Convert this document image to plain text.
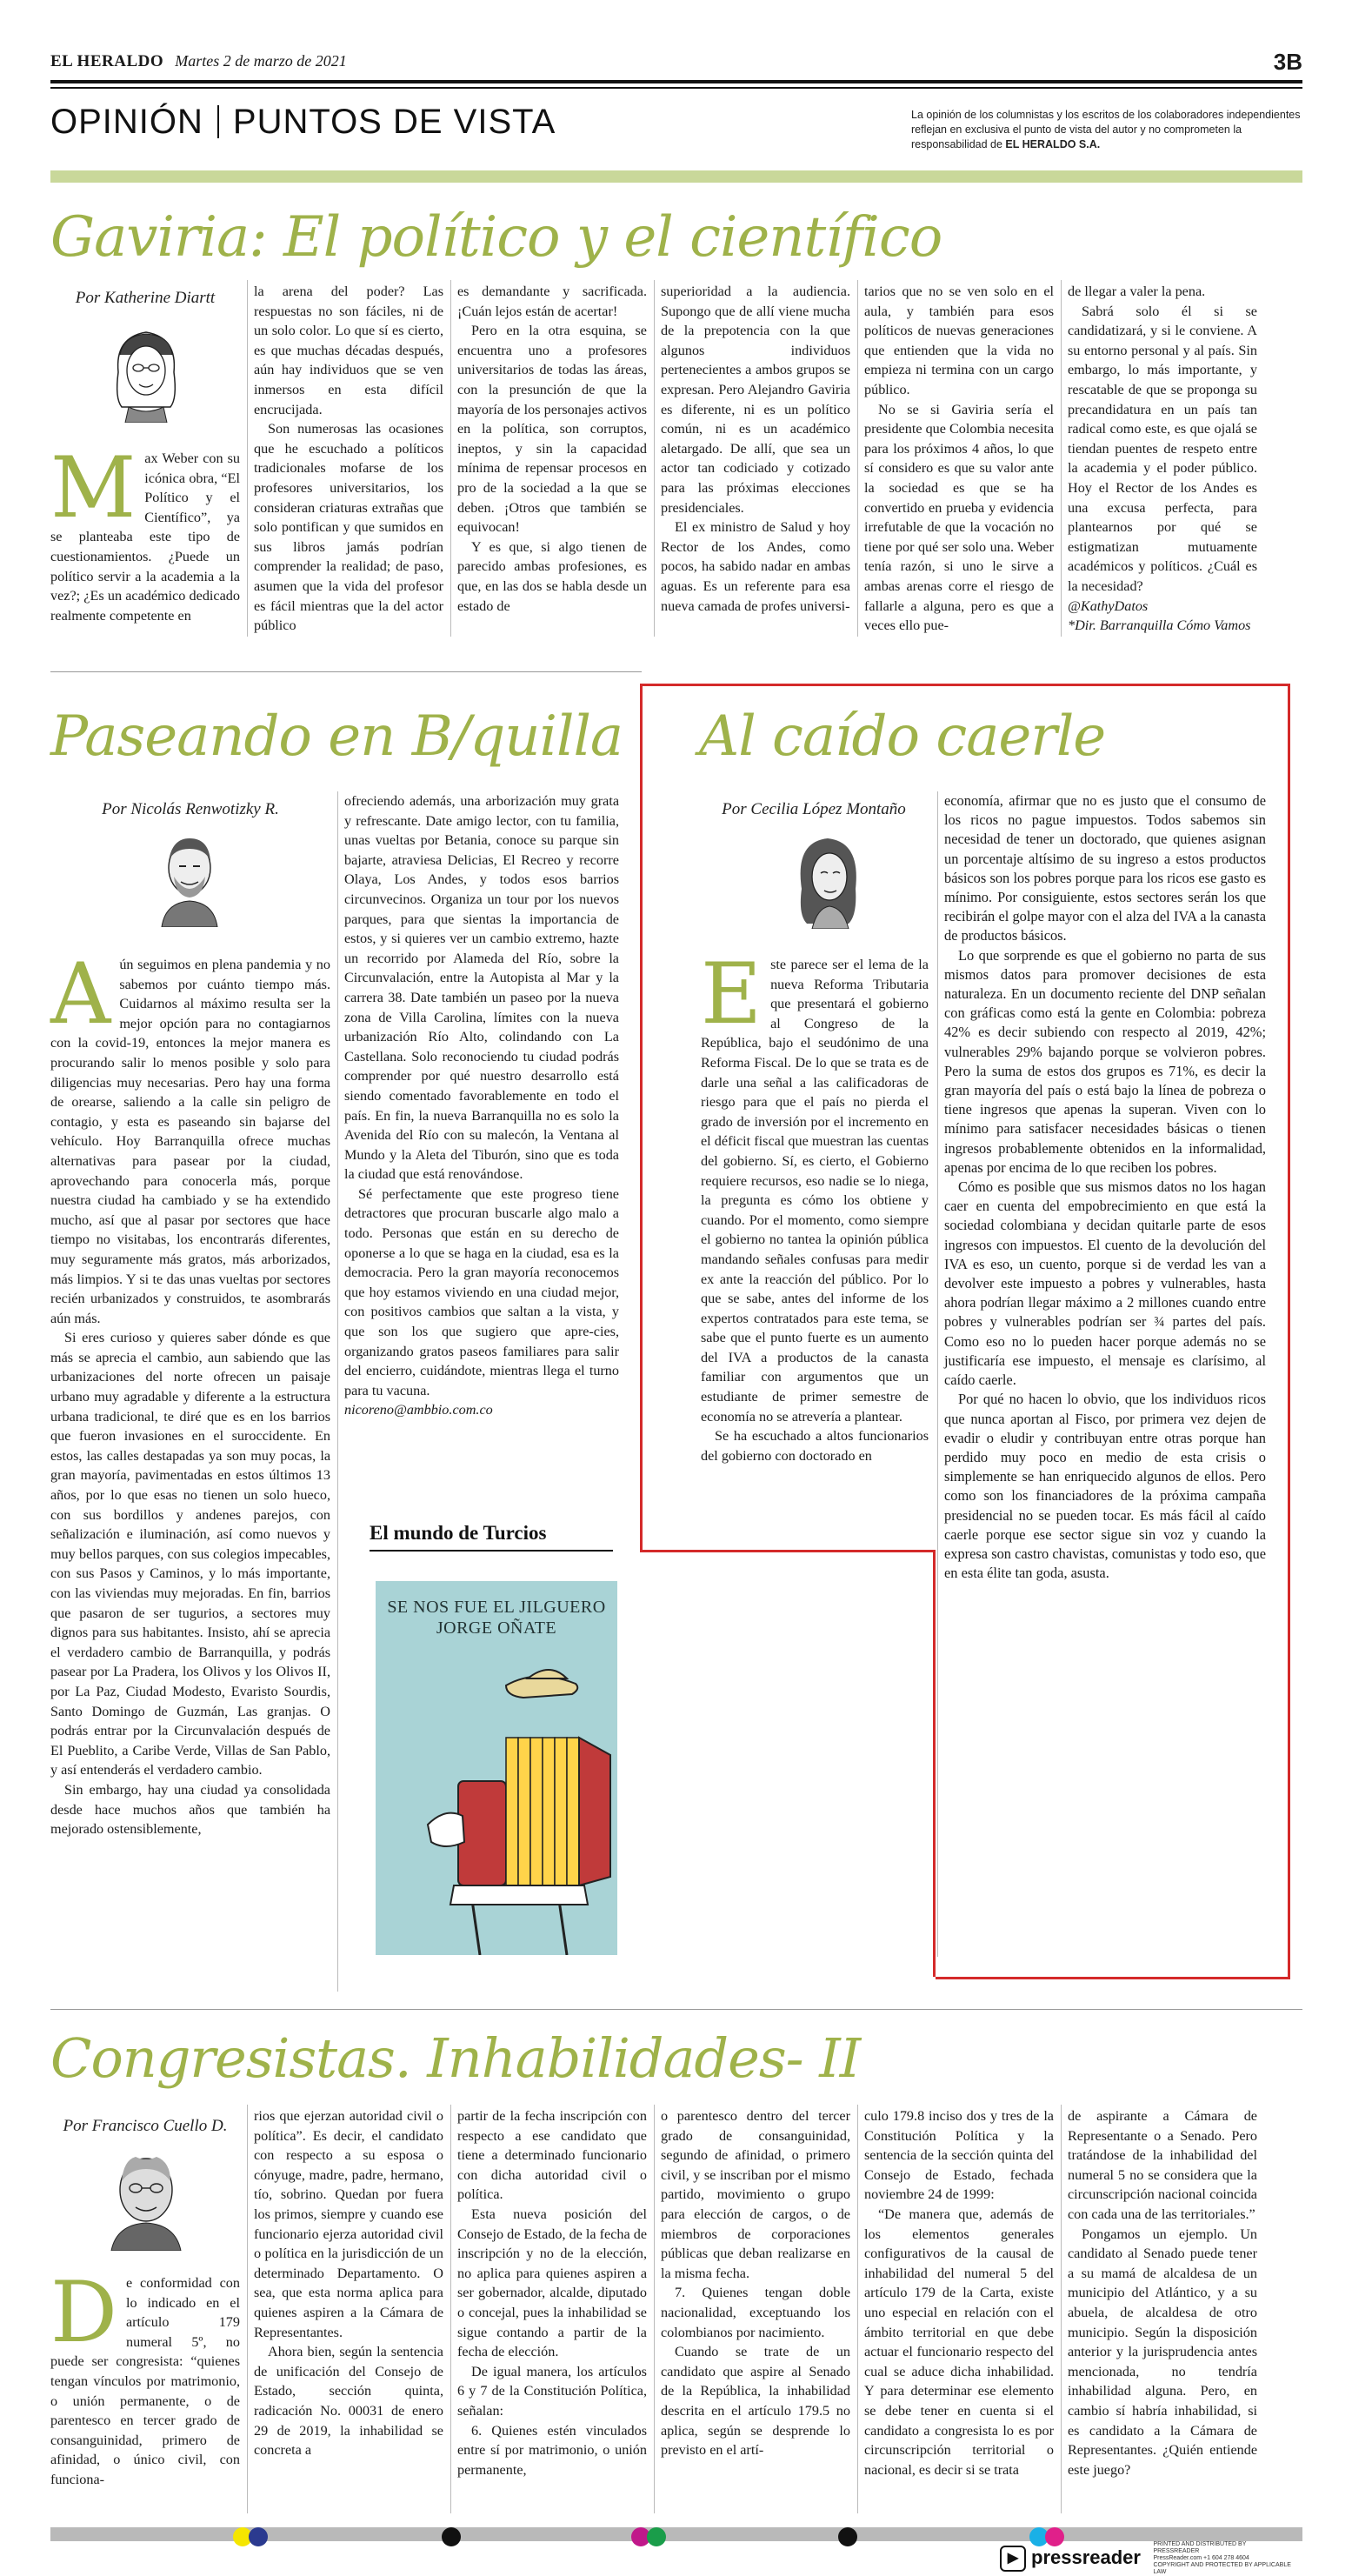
EL HERALDO Martes 2 de marzo de 2021	3B
OPINIÓN PUNTOS DE VISTA	La opinión de los columnistas y los escritos de los colaboradores independientes reflejan en exclusiva el punto de vista del autor y no comprometen la responsabilidad de EL HERALDO S.A.
Gaviria: El político y el científico
Por Katherine Diartt

Max Weber con su icónica obra, “El Político y el Científico”, ya se planteaba este tipo de cuestionamientos. ¿Puede un político servir a la academia a la vez?; ¿Es un académico dedicado realmente competente en

la arena del poder? Las respuestas no son fáciles, ni de un solo color. Lo que sí es cierto, es que muchas décadas después, aún hay individuos que se ven inmersos en esta difícil encrucijada.

Son numerosas las ocasiones que he escuchado a políticos tradicionales mofarse de los profesores universitarios, los consideran criaturas extrañas que solo pontifican y que sumidos en sus libros jamás podrían comprender la realidad; de paso, asumen que la vida del profesor es fácil mientras que la del actor público

es demandante y sacrificada. ¡Cuán lejos están de acertar!

Pero en la otra esquina, se encuentra uno a profesores universitarios de todas las áreas, con la presunción de que la mayoría de los personajes activos en la política, son corruptos, ineptos, y sin la capacidad mínima de repensar procesos en pro de la sociedad a la que se deben. ¡Otros que también se equivocan!

Y es que, si algo tienen de parecido ambas profesiones, es que, en las dos se habla desde un estado de

superioridad a la audiencia. Supongo que de allí viene mucha de la prepotencia con la que algunos individuos pertenecientes a ambos grupos se expresan. Pero Alejandro Gaviria es diferente, ni es un político común, ni es un académico aletargado. De allí, que sea un actor tan codiciado y cotizado para las próximas elecciones presidenciales.

El ex ministro de Salud y hoy Rector de los Andes, como pocos, ha sabido nadar en ambas aguas. Es un referente para esa nueva camada de profes universi-

tarios que no se ven solo en el aula, y también para esos políticos de nuevas generaciones que entienden que la vida no empieza ni termina con un cargo público.

No se si Gaviria sería el presidente que Colombia necesita para los próximos 4 años, lo que sí considero es que su valor ante la sociedad es que se ha convertido en prueba y evidencia irrefutable de que la vocación no tiene por qué ser solo una. Weber tenía razón, si uno le sirve a ambas arenas corre el riesgo de fallarle a alguna, pero es que a veces ello pue-

de llegar a valer la pena.

Sabrá solo él si se candidatizará, y si le conviene. A su entorno personal y al país. Sin embargo, lo más importante, y rescatable de que se proponga su precandidatura en un país tan radical como este, es que ojalá se tiendan puentes de respeto entre la academia y el poder público. Hoy el Rector de los Andes es una excusa perfecta, para plantearnos por qué se estigmatizan mutuamente académicos y políticos. ¿Cuál es la necesidad?

@KathyDatos

*Dir. Barranquilla Cómo Vamos

Paseando en B/quilla
Por Nicolás Renwotizky R.

Aún seguimos en plena pandemia y no sabemos por cuánto tiempo más. Cuidarnos al máximo resulta ser la mejor opción para no contagiarnos con la covid-19, entonces la mejor manera es procurando salir lo menos posible y solo para diligencias muy necesarias. Pero hay una forma de orearse, saliendo a la calle sin peligro de contagio, y esta es paseando sin bajarse del vehículo. Hoy Barranquilla ofrece muchas alternativas para pasear por la ciudad, aprovechando para conocerla más, porque nuestra ciudad ha cambiado y se ha extendido mucho, así que al pasar por sectores que hace tiempo no visitabas, los encontrarás diferentes, muy seguramente más gratos, más arborizados, más limpios. Y si te das unas vueltas por sectores recién urbanizados y construidos, te asombrarás aún más.

Si eres curioso y quieres saber dónde es que más se aprecia el cambio, aun sabiendo que las urbanizaciones del norte ofrecen un paisaje urbano muy agradable y diferente a la estructura urbana tradicional, te diré que es en los barrios que fueron invasiones en el suroccidente. En estos, las calles destapadas ya son muy pocas, la gran mayoría, pavimentadas en estos últimos 13 años, por lo que esas no tienen un solo hueco, con sus bordillos y andenes parejos, con señalización e iluminación, así como nuevos y muy bellos parques, con sus colegios impecables, con sus Pasos y Caminos, y lo más importante, con las viviendas muy mejoradas. En fin, barrios que pasaron de ser tugurios, a sectores muy dignos para sus habitantes. Insisto, ahí se aprecia el verdadero cambio de Barranquilla, y podrás pasear por La Pradera, los Olivos y los Olivos II, por La Paz, Ciudad Modesto, Evaristo Sourdis, Santo Domingo de Guzmán, Las granjas. O podrás entrar por la Circunvalación después de El Pueblito, a Caribe Verde, Villas de San Pablo, y así entenderás el verdadero cambio.

Sin embargo, hay una ciudad ya consolidada desde hace muchos años que también ha mejorado ostensiblemente,

ofreciendo además, una arborización muy grata y refrescante. Date amigo lector, con tu familia, unas vueltas por Betania, conoce su parque sin bajarte, atraviesa Delicias, El Recreo y recorre Olaya, Los Andes, y todos esos barrios circunvecinos. Organiza un tour por los nuevos parques, para que sientas la importancia de estos, y si quieres ver un cambio extremo, hazte un recorrido por Alameda del Río, sobre la Circunvalación, entre la Autopista al Mar y la carrera 38. Date también un paseo por la nueva zona de Villa Carolina, límites con la nueva urbanización Río Alto, colindando con La Castellana. Solo reconociendo tu ciudad podrás comprender por qué nuestro desarrollo está siendo comentado favorablemente en todo el país. En fin, la nueva Barranquilla no es solo la Avenida del Río con su malecón, la Ventana al Mundo y la Aleta del Tiburón, sino que es toda la ciudad que está renovándose.

Sé perfectamente que este progreso tiene detractores que procuran buscarle algo malo a todo. Personas que están en su derecho de oponerse a lo que se haga en la ciudad, esa es la democracia. Pero la gran mayoría reconocemos que hoy estamos viviendo en una ciudad mejor, con positivos cambios que saltan a la vista, y que son los que sugiero que apre-cies, organizando gratos paseos familiares para salir del encierro, cuidándote, mientras llega el turno para tu vacuna.

nicoreno@ambbio.com.co

El mundo de Turcios
SE NOS FUE EL JILGUERO
JORGE OÑATE
Al caído caerle
Por Cecilia López Montaño

Este parece ser el lema de la nueva Reforma Tributaria que presentará el gobierno al Congreso de la República, bajo el seudónimo de una Reforma Fiscal. De lo que se trata es de darle una señal a las calificadoras de riesgo para que el país no pierda el grado de inversión por el incremento en el déficit fiscal que muestran las cuentas del gobierno. Sí, es cierto, el Gobierno requiere recursos, eso nadie se lo niega, la pregunta es cómo los obtiene y cuando. Por el momento, como siempre el gobierno no tantea la opinión pública mandando señales confusas para medir ex ante la reacción del público. Por lo que se sabe, antes del informe de los expertos contratados para este tema, se sabe que el punto fuerte es un aumento del IVA a productos de la canasta familiar con argumentos que un estudiante de primer semestre de economía no se atrevería a plantear.

Se ha escuchado a altos funcionarios del gobierno con doctorado en

economía, afirmar que no es justo que el consumo de los ricos no pague impuestos. Todos sabemos sin necesidad de tener un doctorado, que quienes asignan un porcentaje altísimo de su ingreso a estos productos básicos son los pobres porque para los ricos ese gasto es mínimo. Por consiguiente, estos sectores serán los que recibirán el golpe mayor con el alza del IVA a la canasta de productos básicos.

Lo que sorprende es que el gobierno no parta de sus mismos datos para promover decisiones de esta naturaleza. En un documento reciente del DNP señalan con gráficas como está la gente en Colombia: pobreza 42% es decir subiendo con respecto al 2019, 42%; vulnerables 29% bajando porque se volvieron pobres. Pero la suma de estos dos grupos es 71%, es decir la gran mayoría del país o está bajo la línea de pobreza o tiene ingresos que apenas la superan. Viven con lo mínimo para satisfacer necesidades básicas o tienen ingresos probablemente obtenidos en la informalidad, apenas por encima de lo que reciben los pobres.

Cómo es posible que sus mismos datos no los hagan caer en cuenta del empobrecimiento en que está la sociedad colombiana y decidan quitarle parte de esos ingresos con impuestos. El cuento de la devolución del IVA es eso, un cuento, porque si de verdad les van a devolver este impuesto a pobres y vulnerables, hasta ahora podrían llegar máximo a 2 millones cuando entre pobres y vulnerables podrían ser ¾ partes del país. Como eso no lo pueden hacer porque además no se justificaría ese impuesto, el mensaje es clarísimo, al caído caerle.

Por qué no hacen lo obvio, que los individuos ricos que nunca aportan al Fisco, por primera vez dejen de evadir o eludir y contribuyan entre otras porque han perdido muy poco en medio de esta crisis o simplemente se han enriquecido algunos de ellos. Pero como son los financiadores de la próxima campaña presidencial no se pueden tocar. Es más fácil al caído caerle porque ese sector sigue sin voz y cuando la expresa son castro chavistas, comunistas y todo eso, que en esta élite tan goda, asusta.

Congresistas. Inhabilidades- II
Por Francisco Cuello D.

De conformidad con lo indicado en el artículo 179 numeral 5º, no puede ser congresista: “quienes tengan vínculos por matrimonio, o unión permanente, o de parentesco en tercer grado de consanguinidad, primero de afinidad, o único civil, con funciona-

rios que ejerzan autoridad civil o política”. Es decir, el candidato con respecto a su esposa o cónyuge, madre, padre, hermano, tío, sobrino. Quedan por fuera los primos, siempre y cuando ese funcionario ejerza autoridad civil o política en la jurisdicción de un determinado Departamento. O sea, que esta norma aplica para quienes aspiren a la Cámara de Representantes.

Ahora bien, según la sentencia de unificación del Consejo de Estado, sección quinta, radicación No. 00031 de enero 29 de 2019, la inhabilidad se concreta a

partir de la fecha inscripción con respecto a ese candidato que tiene a determinado funcionario con dicha autoridad civil o política.

Esta nueva posición del Consejo de Estado, de la fecha de inscripción y no de la elección, no aplica para quienes aspiren a ser gobernador, alcalde, diputado o concejal, pues la inhabilidad se sigue contando a partir de la fecha de elección.

De igual manera, los artículos 6 y 7 de la Constitución Política, señalan:

6. Quienes estén vinculados entre sí por matrimonio, o unión permanente,

o parentesco dentro del tercer grado de consanguinidad, segundo de afinidad, o primero civil, y se inscriban por el mismo partido, movimiento o grupo para elección de cargos, o de miembros de corporaciones públicas que deban realizarse en la misma fecha.

7. Quienes tengan doble nacionalidad, exceptuando los colombianos por nacimiento.

Cuando se trate de un candidato que aspire al Senado de la República, la inhabilidad descrita en el artículo 179.5 no aplica, según se desprende lo previsto en el artí-

culo 179.8 inciso dos y tres de la Constitución Política y la sentencia de la sección quinta del Consejo de Estado, fechada noviembre 24 de 1999:

“De manera que, además de los elementos generales configurativos de la causal de inhabilidad del numeral 5 del artículo 179 de la Carta, existe uno especial en relación con el ámbito territorial en que debe actuar el funcionario respecto del cual se aduce dicha inhabilidad. Y para determinar ese elemento se debe tener en cuenta si el candidato a congresista lo es por circunscripción territorial o nacional, es decir si se trata

de aspirante a Cámara de Representante o a Senado. Pero tratándose de la inhabilidad del numeral 5 no se considera que la circunscripción nacional coincida con cada una de las territoriales.”

Pongamos un ejemplo. Un candidato al Senado puede tener a su mamá de alcaldesa de un municipio del Atlántico, y a su abuela, de alcaldesa de otro municipio. Según la disposición anterior y la jurisprudencia antes mencionada, no tendría inhabilidad alguna. Pero, en cambio sí habría inhabilidad, si es candidato a la Cámara de Representantes. ¿Quién entiende este juego?

▶ pressreader PRINTED AND DISTRIBUTED BY PRESSREADER
PressReader.com +1 604 278 4604
COPYRIGHT AND PROTECTED BY APPLICABLE LAW
